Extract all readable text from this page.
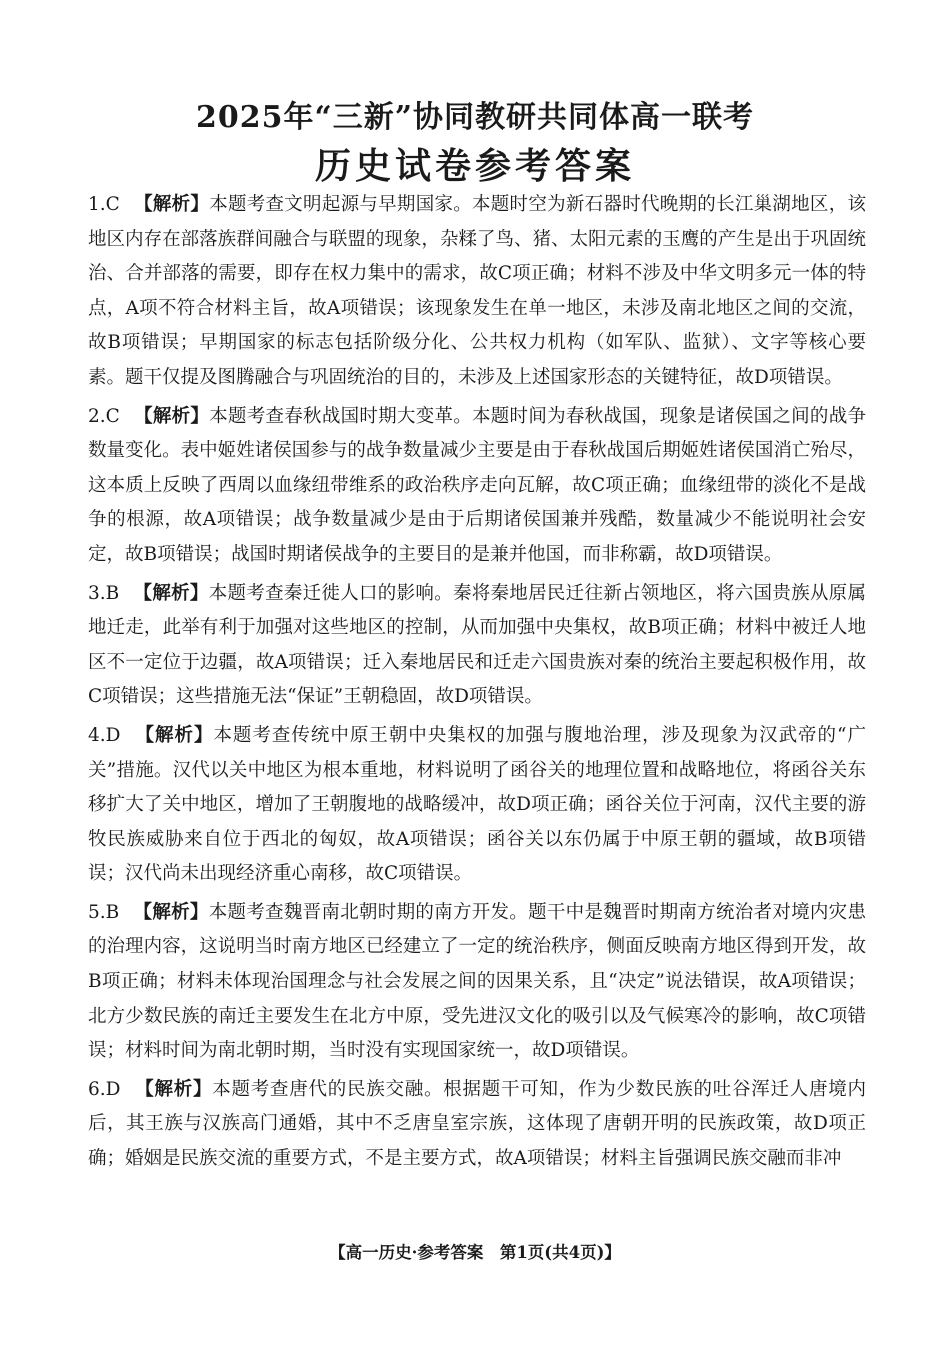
2025年“三新”协同教研共同体高一联考
历史试卷参考答案

1.C 【解析】本题考查文明起源与早期国家。本题时空为新石器时代晚期的长江巢湖地区，该地区内存在部落族群间融合与联盟的现象，杂糅了鸟、猪、太阳元素的玉鹰的产生是出于巩固统治、合并部落的需要，即存在权力集中的需求，故C项正确；材料不涉及中华文明多元一体的特点，A项不符合材料主旨，故A项错误；该现象发生在单一地区，未涉及南北地区之间的交流，故B项错误；早期国家的标志包括阶级分化、公共权力机构（如军队、监狱）、文字等核心要素。题干仅提及图腾融合与巩固统治的目的，未涉及上述国家形态的关键特征，故D项错误。

2.C 【解析】本题考查春秋战国时期大变革。本题时间为春秋战国，现象是诸侯国之间的战争数量变化。表中姬姓诸侯国参与的战争数量减少主要是由于春秋战国后期姬姓诸侯国消亡殆尽，这本质上反映了西周以血缘纽带维系的政治秩序走向瓦解，故C项正确；血缘纽带的淡化不是战争的根源，故A项错误；战争数量减少是由于后期诸侯国兼并残酷，数量减少不能说明社会安定，故B项错误；战国时期诸侯战争的主要目的是兼并他国，而非称霸，故D项错误。

3.B 【解析】本题考查秦迁徙人口的影响。秦将秦地居民迁往新占领地区，将六国贵族从原属地迁走，此举有利于加强对这些地区的控制，从而加强中央集权，故B项正确；材料中被迁人地区不一定位于边疆，故A项错误；迁入秦地居民和迁走六国贵族对秦的统治主要起积极作用，故C项错误；这些措施无法“保证”王朝稳固，故D项错误。

4.D 【解析】本题考查传统中原王朝中央集权的加强与腹地治理，涉及现象为汉武帝的“广关”措施。汉代以关中地区为根本重地，材料说明了函谷关的地理位置和战略地位，将函谷关东移扩大了关中地区，增加了王朝腹地的战略缓冲，故D项正确；函谷关位于河南，汉代主要的游牧民族威胁来自位于西北的匈奴，故A项错误；函谷关以东仍属于中原王朝的疆域，故B项错误；汉代尚未出现经济重心南移，故C项错误。

5.B 【解析】本题考查魏晋南北朝时期的南方开发。题干中是魏晋时期南方统治者对境内灾患的治理内容，这说明当时南方地区已经建立了一定的统治秩序，侧面反映南方地区得到开发，故B项正确；材料未体现治国理念与社会发展之间的因果关系，且“决定”说法错误，故A项错误；北方少数民族的南迁主要发生在北方中原，受先进汉文化的吸引以及气候寒冷的影响，故C项错误；材料时间为南北朝时期，当时没有实现国家统一，故D项错误。

6.D 【解析】本题考查唐代的民族交融。根据题干可知，作为少数民族的吐谷浑迁人唐境内后，其王族与汉族高门通婚，其中不乏唐皇室宗族，这体现了唐朝开明的民族政策，故D项正确；婚姻是民族交流的重要方式，不是主要方式，故A项错误；材料主旨强调民族交融而非冲

【高一历史·参考答案　第1页(共4页)】
